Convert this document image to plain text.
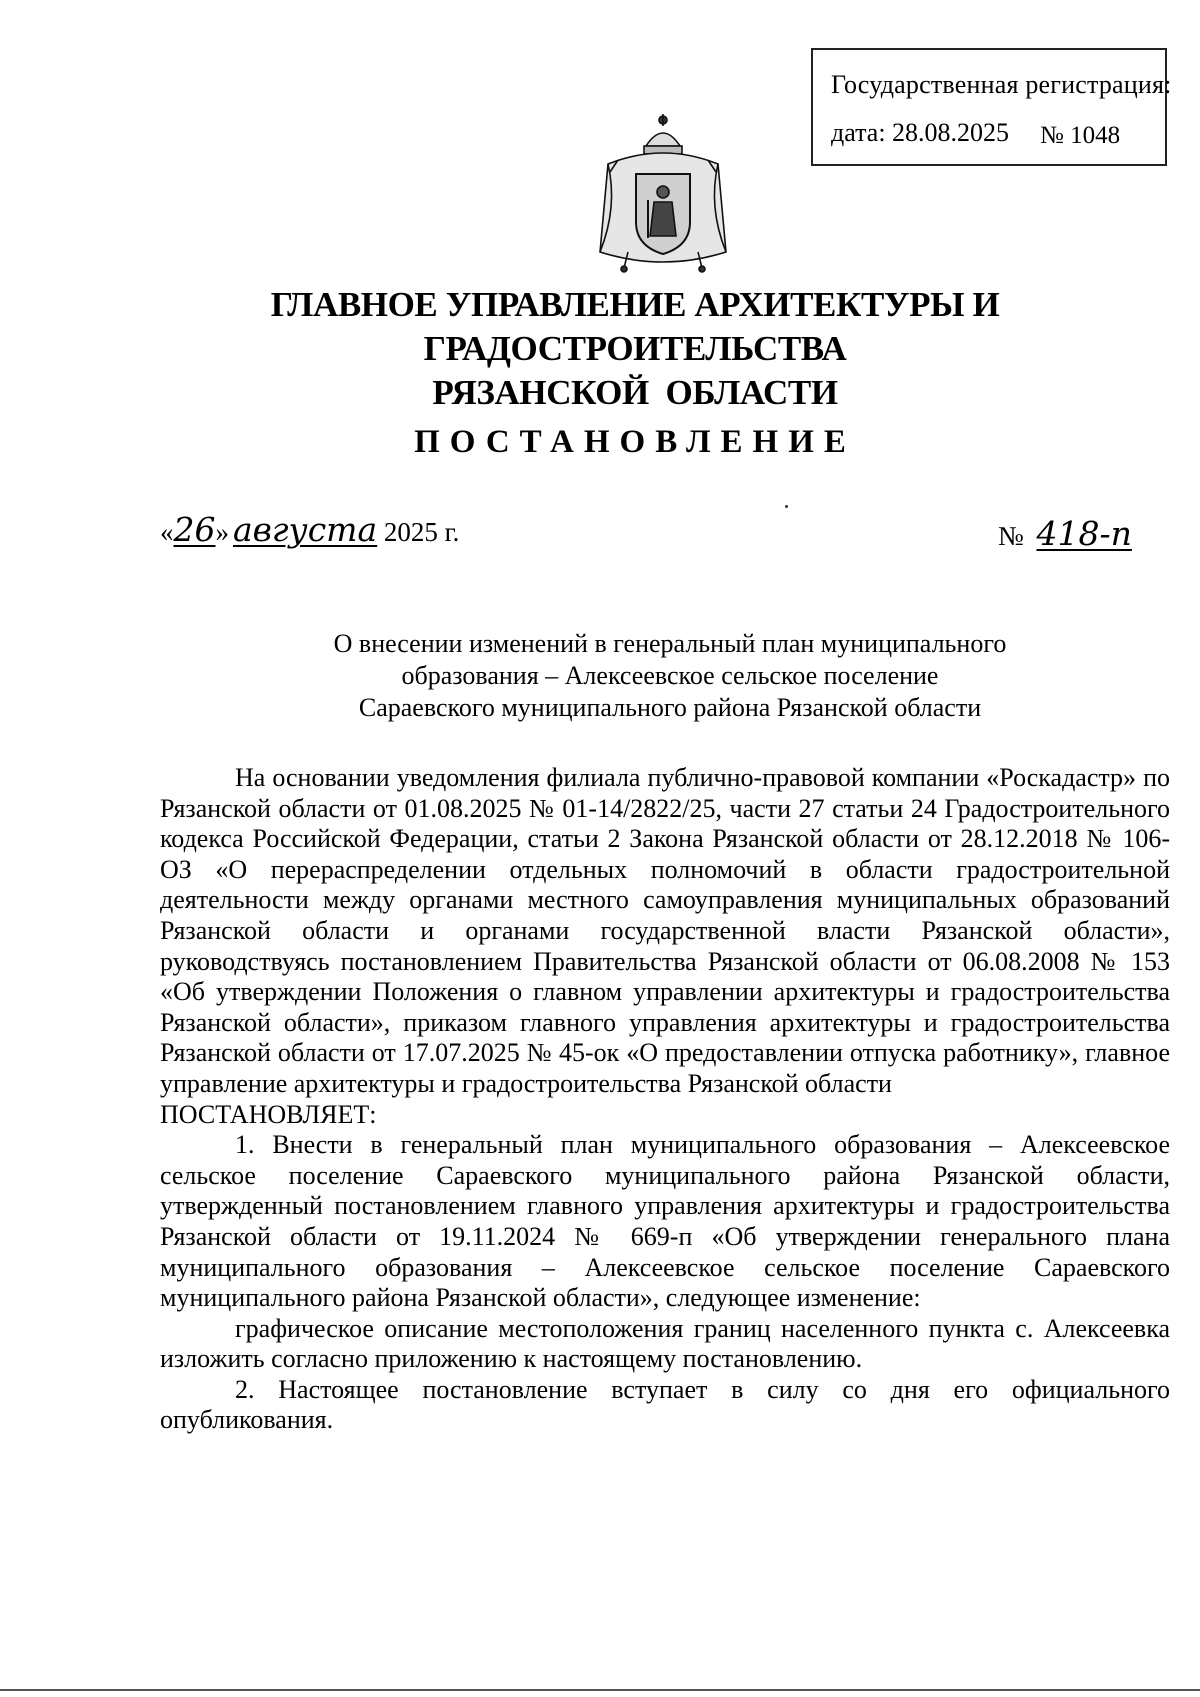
Государственная регистрация:
дата: 28.08.2025 № 1048
ГЛАВНОЕ УПРАВЛЕНИЕ АРХИТЕКТУРЫ И ГРАДОСТРОИТЕЛЬСТВА
РЯЗАНСКОЙ  ОБЛАСТИ
ПОСТАНОВЛЕНИЕ
«26» августа 2025 г.	№ 418-п
О внесении изменений в генеральный план муниципального
образования – Алексеевское сельское поселение
Сараевского муниципального района Рязанской области

На основании уведомления филиала публично-правовой компании «Роскадастр» по Рязанской области от 01.08.2025 № 01-14/2822/25, части 27 статьи 24 Градостроительного кодекса Российской Федерации, статьи 2 Закона Рязанской области от 28.12.2018 № 106-ОЗ «О перераспределении отдельных полномочий в области градостроительной деятельности между органами местного самоуправления муниципальных образований Рязанской области и органами государственной власти Рязанской области», руководствуясь постановлением Правительства Рязанской области от 06.08.2008 № 153 «Об утверждении Положения о главном управлении архитектуры и градостроительства Рязанской области», приказом главного управления архитектуры и градостроительства Рязанской области от 17.07.2025 № 45-ок «О предоставлении отпуска работнику», главное управление архитектуры и градостроительства Рязанской области

ПОСТАНОВЛЯЕТ:

1. Внести в генеральный план муниципального образования – Алексеевское сельское поселение Сараевского муниципального района Рязанской области, утвержденный постановлением главного управления архитектуры и градостроительства Рязанской области от 19.11.2024 № 669-п «Об утверждении генерального плана муниципального образования – Алексеевское сельское поселение Сараевского муниципального района Рязанской области», следующее изменение:

графическое описание местоположения границ населенного пункта с. Алексеевка изложить согласно приложению к настоящему постановлению.

2. Настоящее постановление вступает в силу со дня его официального опубликования.
